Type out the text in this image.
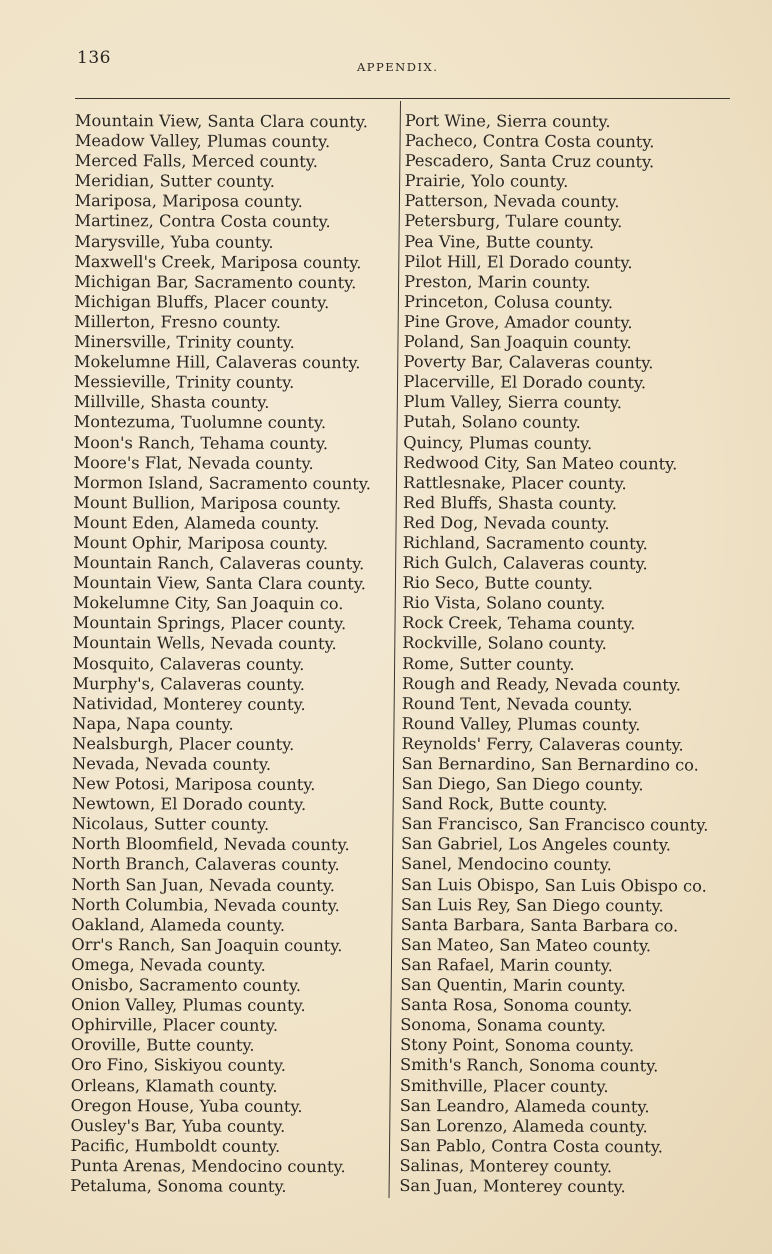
136	APPENDIX.
Mountain View, Santa Clara county.
Meadow Valley, Plumas county.
Merced Falls, Merced county.
Meridian, Sutter county.
Mariposa, Mariposa county.
Martinez, Contra Costa county.
Marysville, Yuba county.
Maxwell's Creek, Mariposa county.
Michigan Bar, Sacramento county.
Michigan Bluffs, Placer county.
Millerton, Fresno county.
Minersville, Trinity county.
Mokelumne Hill, Calaveras county.
Messieville, Trinity county.
Millville, Shasta county.
Montezuma, Tuolumne county.
Moon's Ranch, Tehama county.
Moore's Flat, Nevada county.
Mormon Island, Sacramento county.
Mount Bullion, Mariposa county.
Mount Eden, Alameda county.
Mount Ophir, Mariposa county.
Mountain Ranch, Calaveras county.
Mountain View, Santa Clara county.
Mokelumne City, San Joaquin co.
Mountain Springs, Placer county.
Mountain Wells, Nevada county.
Mosquito, Calaveras county.
Murphy's, Calaveras county.
Natividad, Monterey county.
Napa, Napa county.
Nealsburgh, Placer county.
Nevada, Nevada county.
New Potosi, Mariposa county.
Newtown, El Dorado county.
Nicolaus, Sutter county.
North Bloomfield, Nevada county.
North Branch, Calaveras county.
North San Juan, Nevada county.
North Columbia, Nevada county.
Oakland, Alameda county.
Orr's Ranch, San Joaquin county.
Omega, Nevada county.
Onisbo, Sacramento county.
Onion Valley, Plumas county.
Ophirville, Placer county.
Oroville, Butte county.
Oro Fino, Siskiyou county.
Orleans, Klamath county.
Oregon House, Yuba county.
Ousley's Bar, Yuba county.
Pacific, Humboldt county.
Punta Arenas, Mendocino county.
Petaluma, Sonoma county.
Port Wine, Sierra county.
Pacheco, Contra Costa county.
Pescadero, Santa Cruz county.
Prairie, Yolo county.
Patterson, Nevada county.
Petersburg, Tulare county.
Pea Vine, Butte county.
Pilot Hill, El Dorado county.
Preston, Marin county.
Princeton, Colusa county.
Pine Grove, Amador county.
Poland, San Joaquin county.
Poverty Bar, Calaveras county.
Placerville, El Dorado county.
Plum Valley, Sierra county.
Putah, Solano county.
Quincy, Plumas county.
Redwood City, San Mateo county.
Rattlesnake, Placer county.
Red Bluffs, Shasta county.
Red Dog, Nevada county.
Richland, Sacramento county.
Rich Gulch, Calaveras county.
Rio Seco, Butte county.
Rio Vista, Solano county.
Rock Creek, Tehama county.
Rockville, Solano county.
Rome, Sutter county.
Rough and Ready, Nevada county.
Round Tent, Nevada county.
Round Valley, Plumas county.
Reynolds' Ferry, Calaveras county.
San Bernardino, San Bernardino co.
San Diego, San Diego county.
Sand Rock, Butte county.
San Francisco, San Francisco county.
San Gabriel, Los Angeles county.
Sanel, Mendocino county.
San Luis Obispo, San Luis Obispo co.
San Luis Rey, San Diego county.
Santa Barbara, Santa Barbara co.
San Mateo, San Mateo county.
San Rafael, Marin county.
San Quentin, Marin county.
Santa Rosa, Sonoma county.
Sonoma, Sonama county.
Stony Point, Sonoma county.
Smith's Ranch, Sonoma county.
Smithville, Placer county.
San Leandro, Alameda county.
San Lorenzo, Alameda county.
San Pablo, Contra Costa county.
Salinas, Monterey county.
San Juan, Monterey county.
